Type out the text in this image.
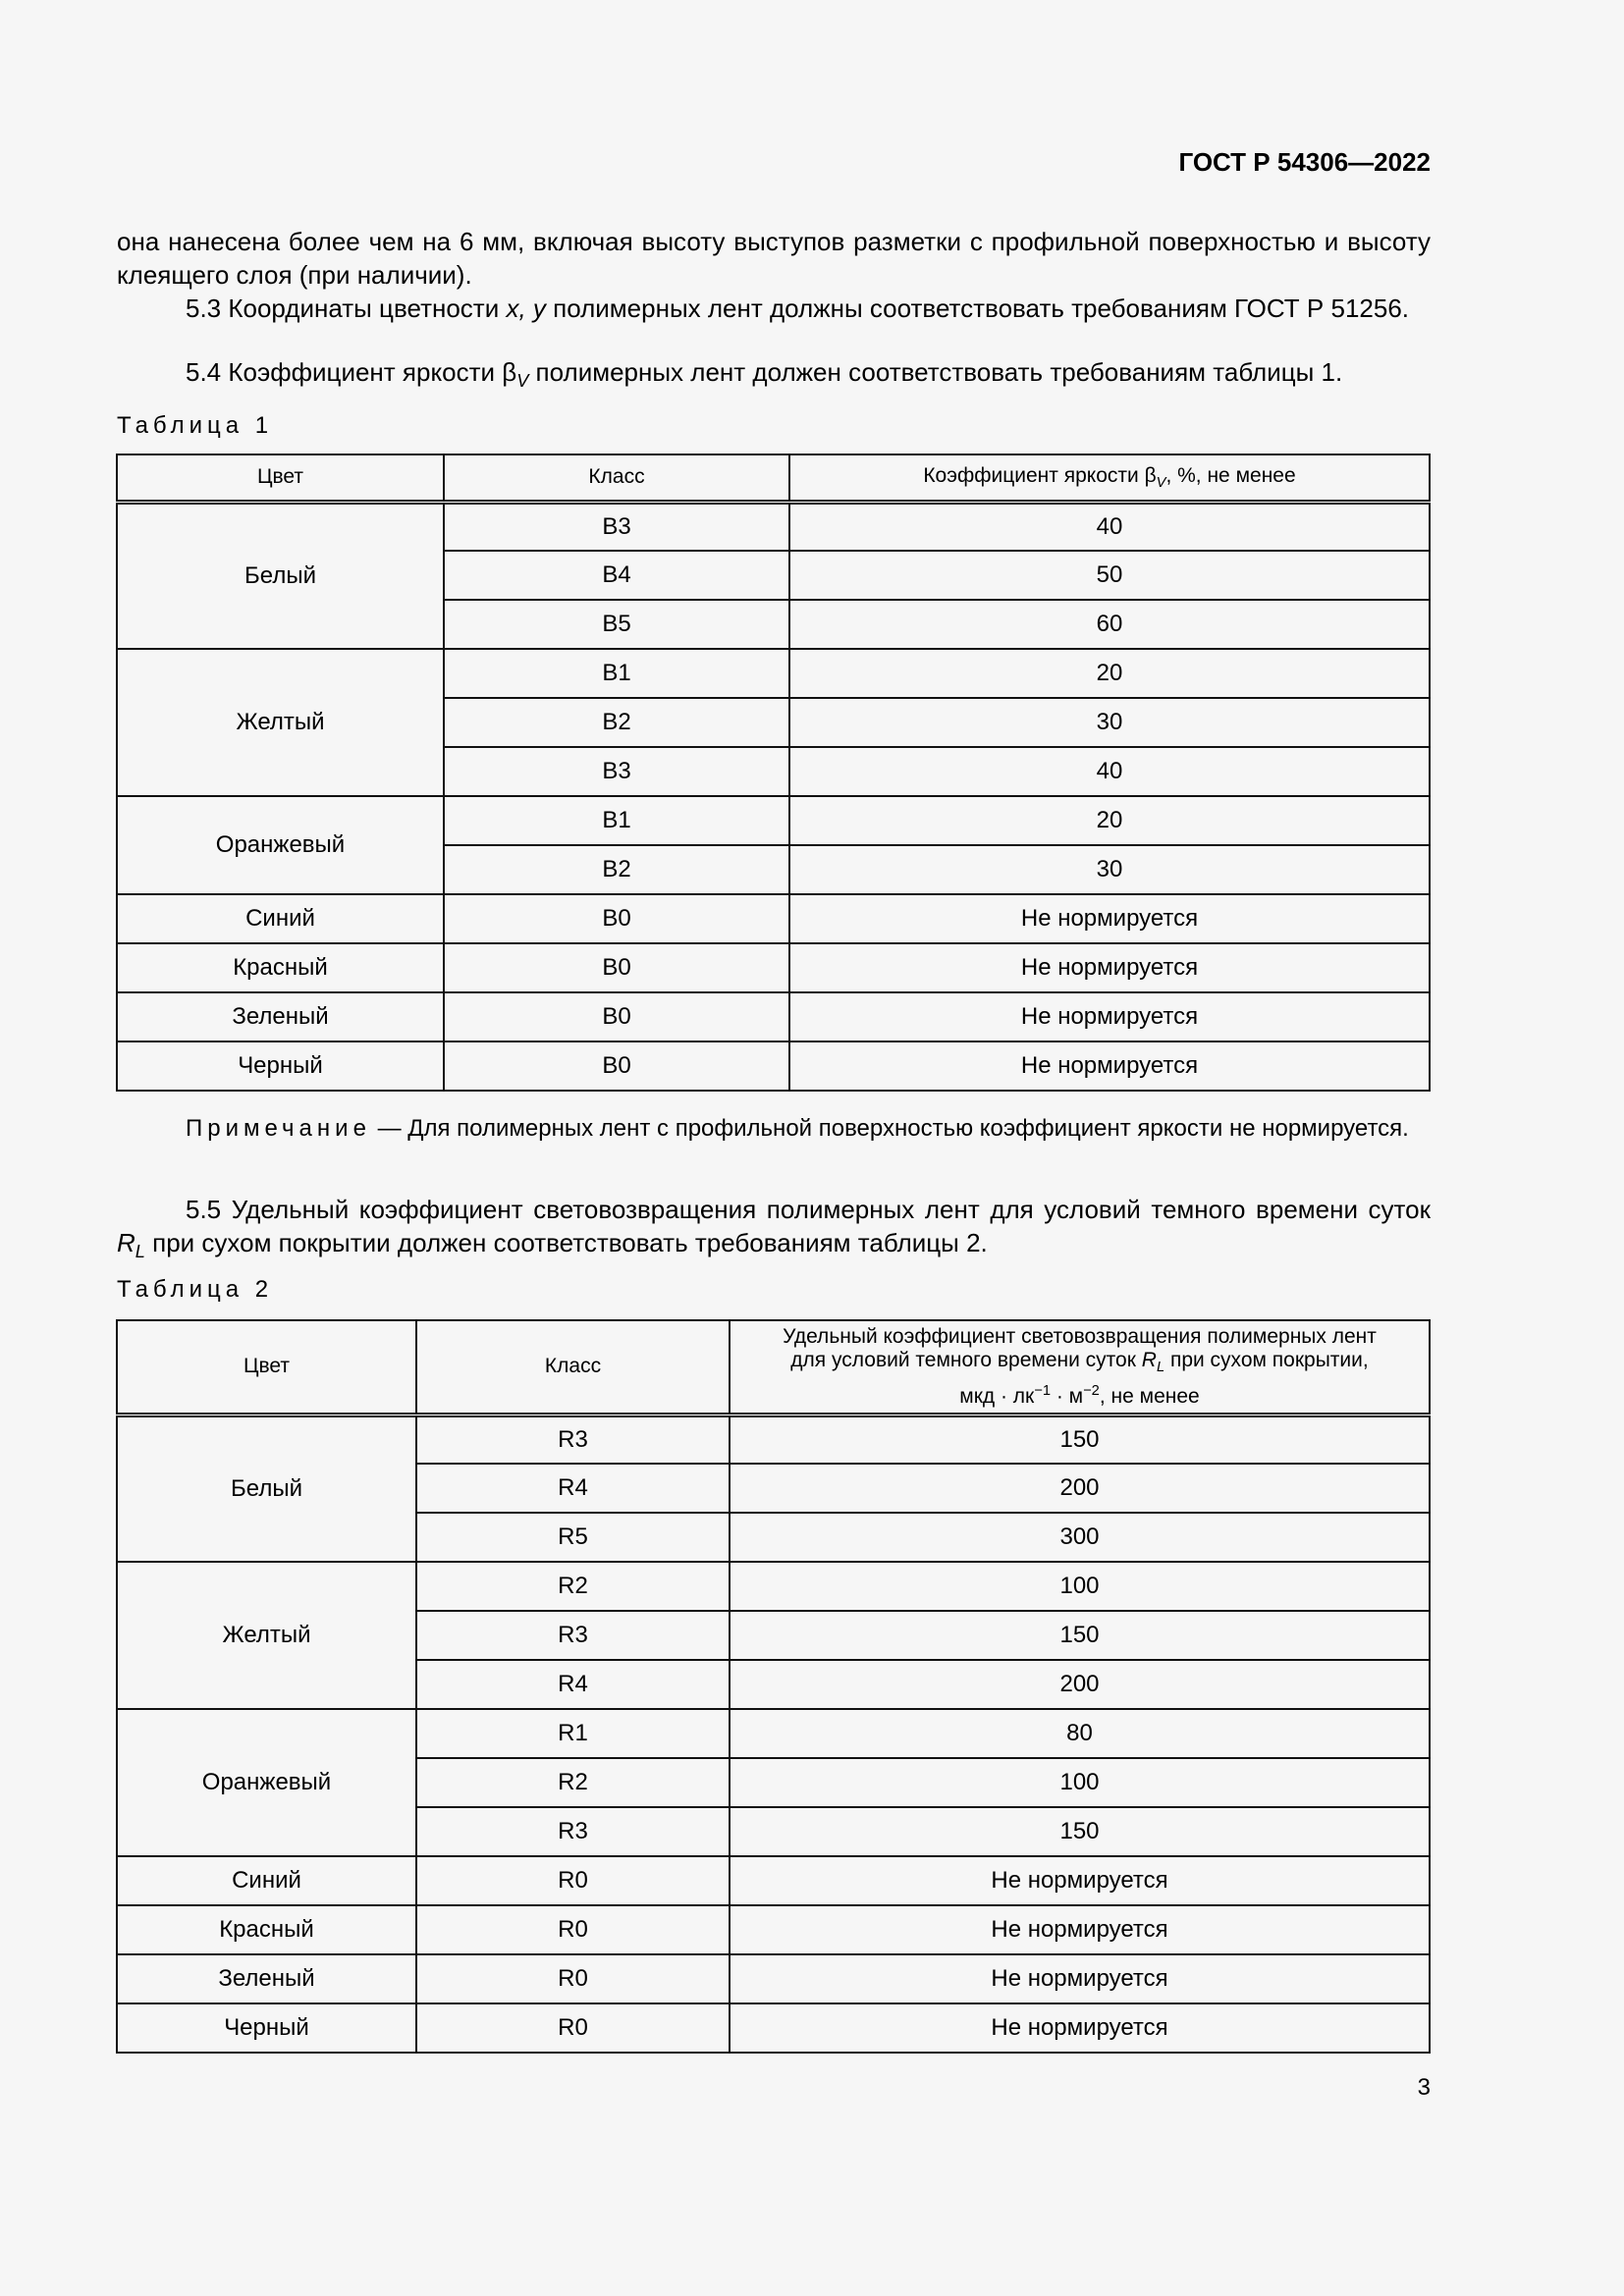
ГОСТ Р 54306—2022
она нанесена более чем на 6 мм, включая высоту выступов разметки с профильной поверхностью и высоту клеящего слоя (при наличии).
5.3 Координаты цветности x, y полимерных лент должны соответствовать требованиям ГОСТ Р 51256.
5.4 Коэффициент яркости $\beta_V$ полимерных лент должен соответствовать требованиям таблицы 1.
Таблица 1
Цвет	Класс	Коэффициент яркости $\beta_V$, %, не менее
Белый	B3	40
	B4	50
	B5	60
Желтый	B1	20
	B2	30
	B3	40
Оранжевый	B1	20
	B2	30
Синий	B0	Не нормируется
Красный	B0	Не нормируется
Зеленый	B0	Не нормируется
Черный	B0	Не нормируется
Примечание — Для полимерных лент с профильной поверхностью коэффициент яркости не нормируется.
5.5 Удельный коэффициент световозвращения полимерных лент для условий темного времени суток $R_L$ при сухом покрытии должен соответствовать требованиям таблицы 2.
Таблица 2
Цвет	Класс	Удельный коэффициент световозвращения полимерных лент
для условий темного времени суток $R_L$ при сухом покрытии,
мкд · $лк^{-1} \cdot м^{-2}$, не менее
Белый	R3	150
	R4	200
	R5	300
Желтый	R2	100
	R3	150
	R4	200
Оранжевый	R1	80
	R2	100
	R3	150
Синий	R0	Не нормируется
Красный	R0	Не нормируется
Зеленый	R0	Не нормируется
Черный	R0	Не нормируется
3
